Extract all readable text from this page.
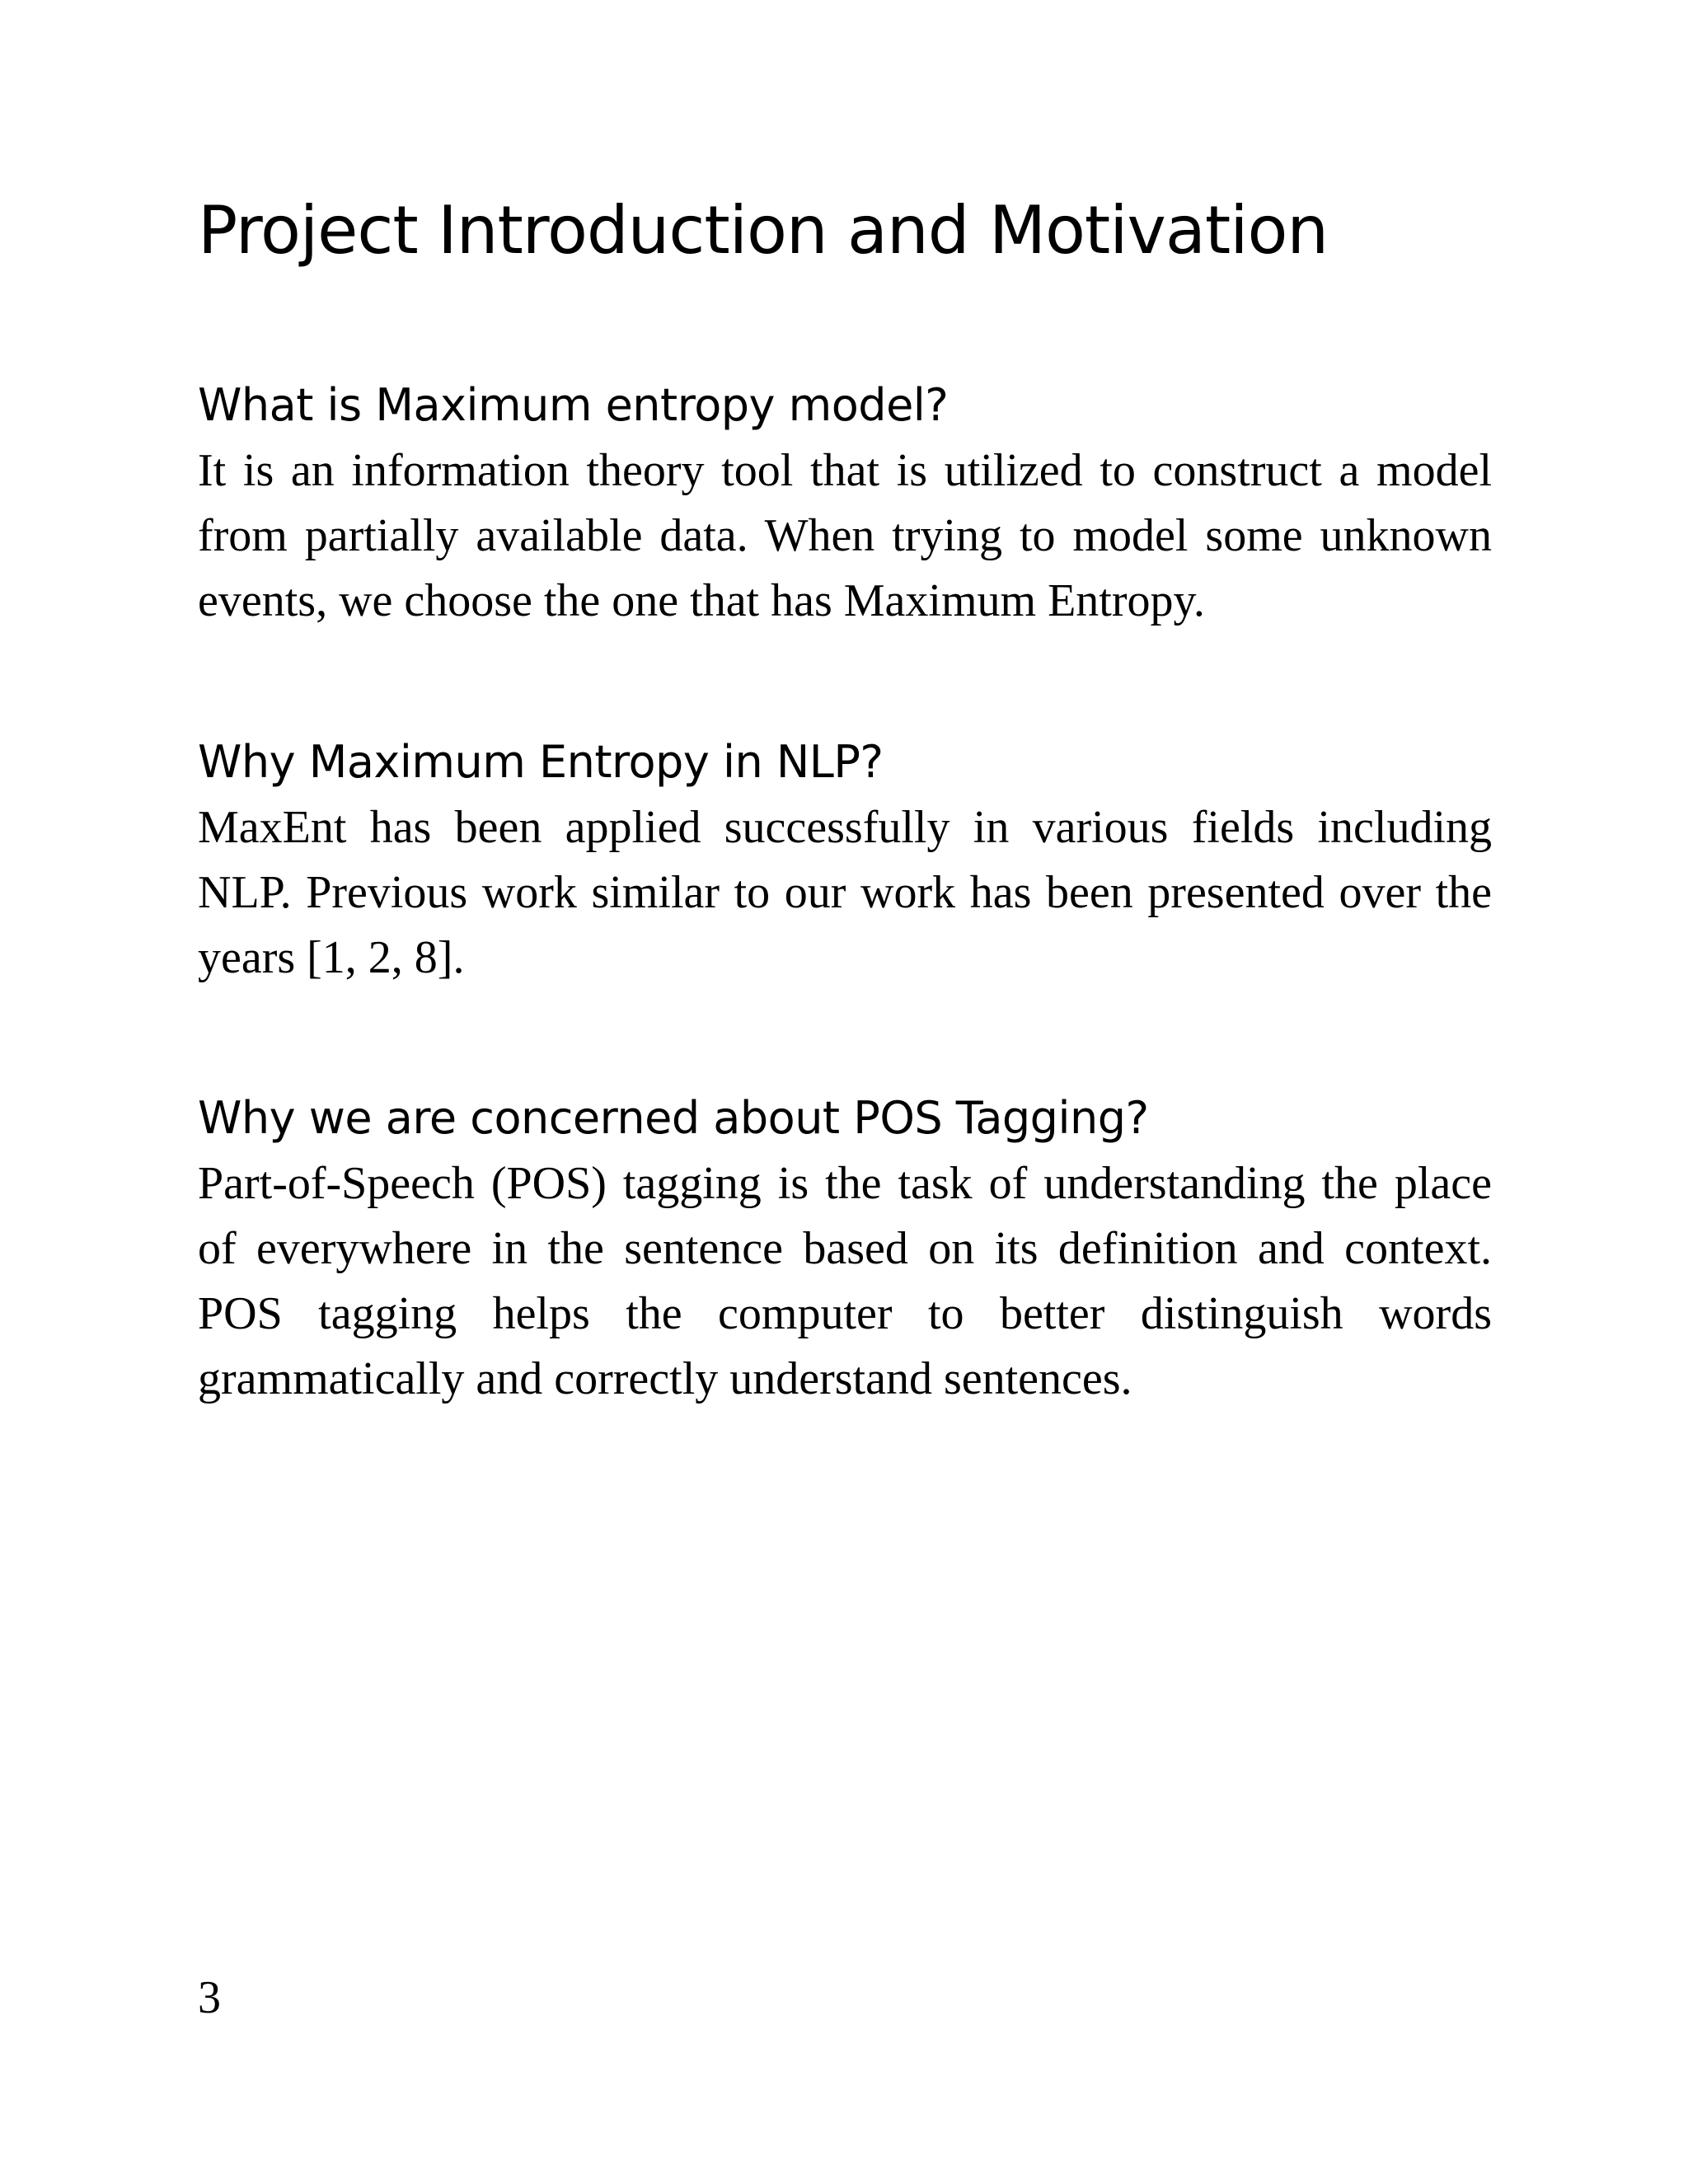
Project Introduction and Motivation
What is Maximum entropy model?

It is an information theory tool that is utilized to construct a model from partially available data. When trying to model some unknown events, we choose the one that has Maximum Entropy.

Why Maximum Entropy in NLP?

MaxEnt has been applied successfully in various fields including NLP. Previous work similar to our work has been presented over the years [1, 2, 8].

Why we are concerned about POS Tagging?

Part-of-Speech (POS) tagging is the task of understanding the place of everywhere in the sentence based on its definition and context. POS tagging helps the computer to better distinguish words grammatically and correctly understand sentences.

3
